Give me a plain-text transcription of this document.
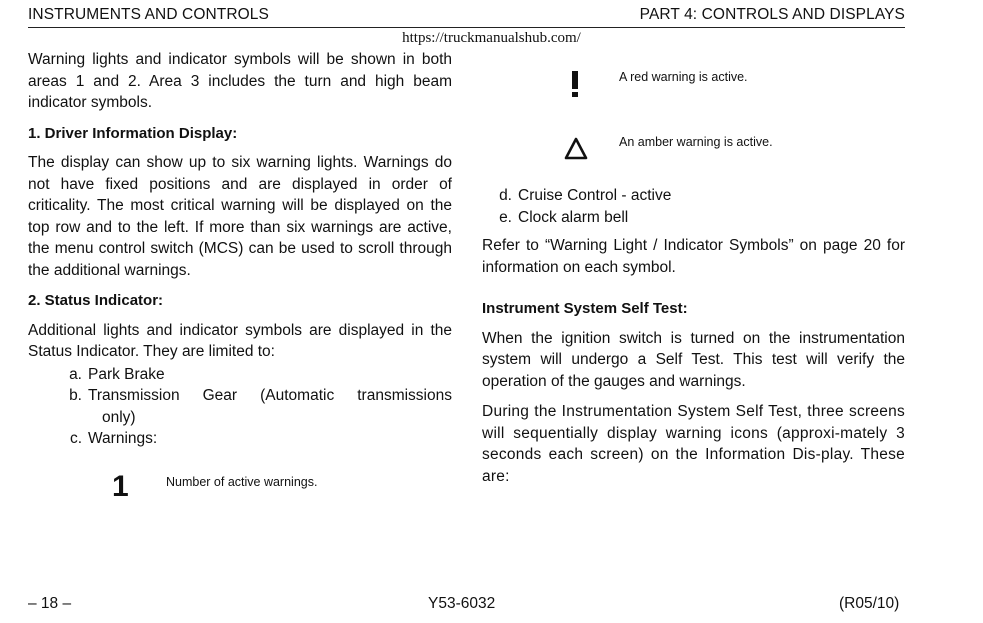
INSTRUMENTS AND CONTROLS	PART 4: CONTROLS AND DISPLAYS
https://truckmanualshub.com/

Warning lights and indicator symbols will be shown in both areas 1 and 2. Area 3 includes the turn and high beam indicator symbols.

1. Driver Information Display:

The display can show up to six warning lights. Warnings do not have fixed positions and are displayed in order of criticality. The most critical warning will be displayed on the top row and to the left. If more than six warnings are active, the menu control switch (MCS) can be used to scroll through the additional warnings.

2. Status Indicator:

Additional lights and indicator symbols are displayed in the Status Indicator. They are limited to:

a. Park Brake
b. Transmission Gear (Automatic transmissions
only)
c. Warnings:
1	Number of active warnings.
A red warning is active.
An amber warning is active.
d. Cruise Control - active
e. Clock alarm bell

Refer to “Warning Light / Indicator Symbols” on page 20 for information on each symbol.

Instrument System Self Test:

When the ignition switch is turned on the instrumentation system will undergo a Self Test. This test will verify the operation of the gauges and warnings.

During the Instrumentation System Self Test, three screens will sequentially display warning icons (approxi-mately 3 seconds each screen) on the Information Dis-play. These are:

– 18 –	Y53-6032	(R05/10)
